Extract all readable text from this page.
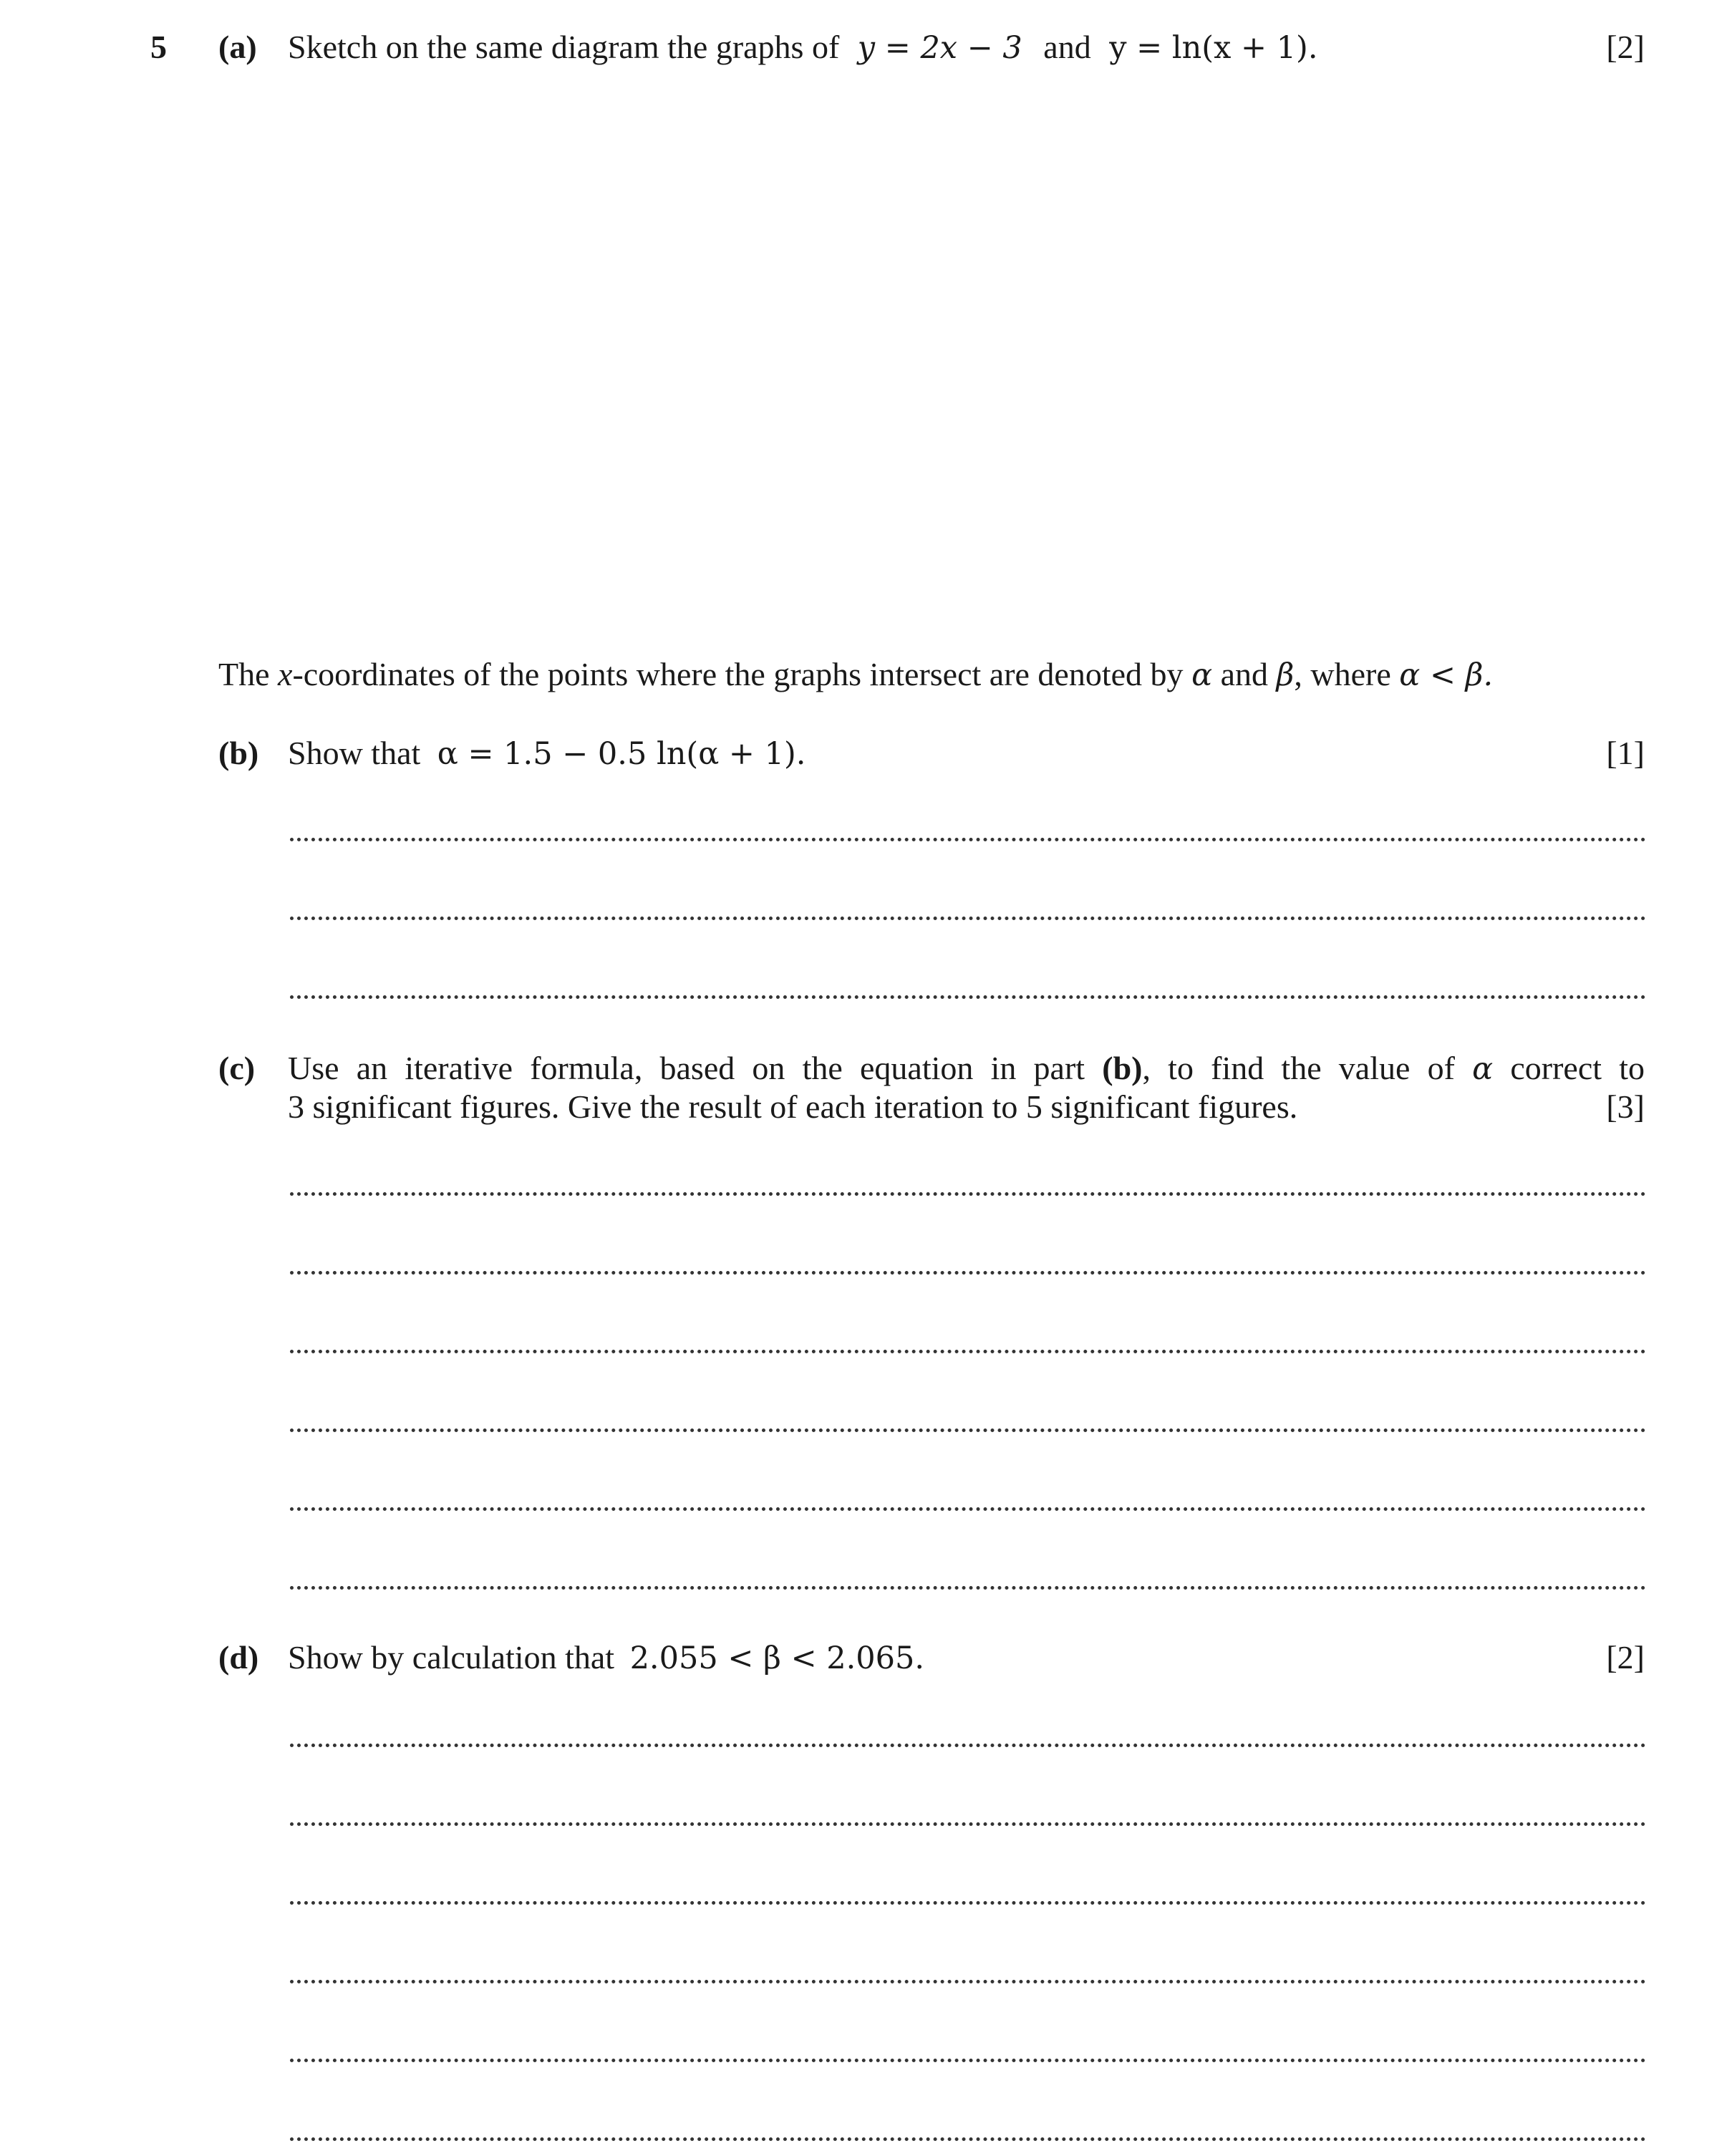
5 (a) Sketch on the same diagram the graphs of y = 2x − 3 and y = ln(x + 1).	[2]
The x-coordinates of the points where the graphs intersect are denoted by α and β, where α < β.
(b) Show that α = 1.5 − 0.5 ln(α + 1).	[1]
(c) Use an iterative formula, based on the equation in part (b), to find the value of α correct to
3 significant figures. Give the result of each iteration to 5 significant figures.	[3]
(d) Show by calculation that 2.055 < β < 2.065.	[2]
